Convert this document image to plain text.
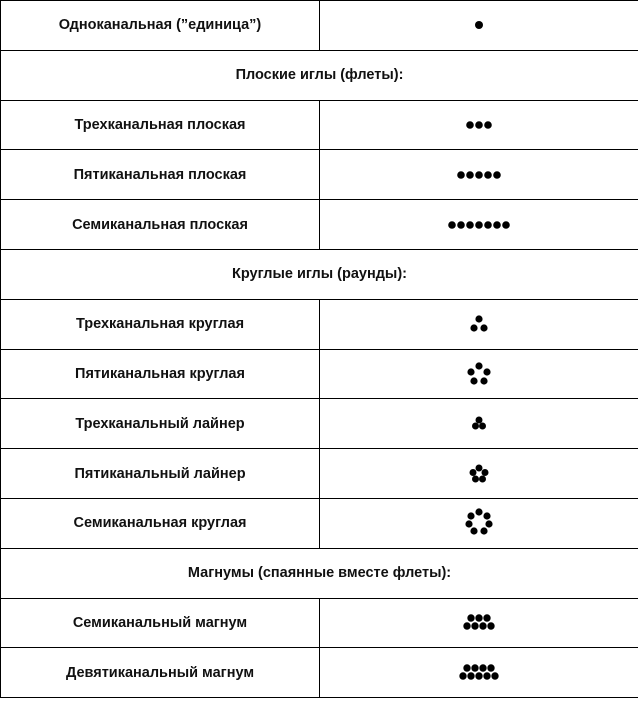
Одноканальная (”единица”)	
Плоские иглы (флеты):	
Трехканальная плоская	
Пятиканальная плоская	
Семиканальная плоская	
Круглые иглы (раунды):	
Трехканальная круглая	
Пятиканальная круглая	
Трехканальный лайнер	
Пятиканальный лайнер	
Семиканальная круглая	
Магнумы (спаянные вместе флеты):	
Семиканальный магнум	
Девятиканальный магнум	
